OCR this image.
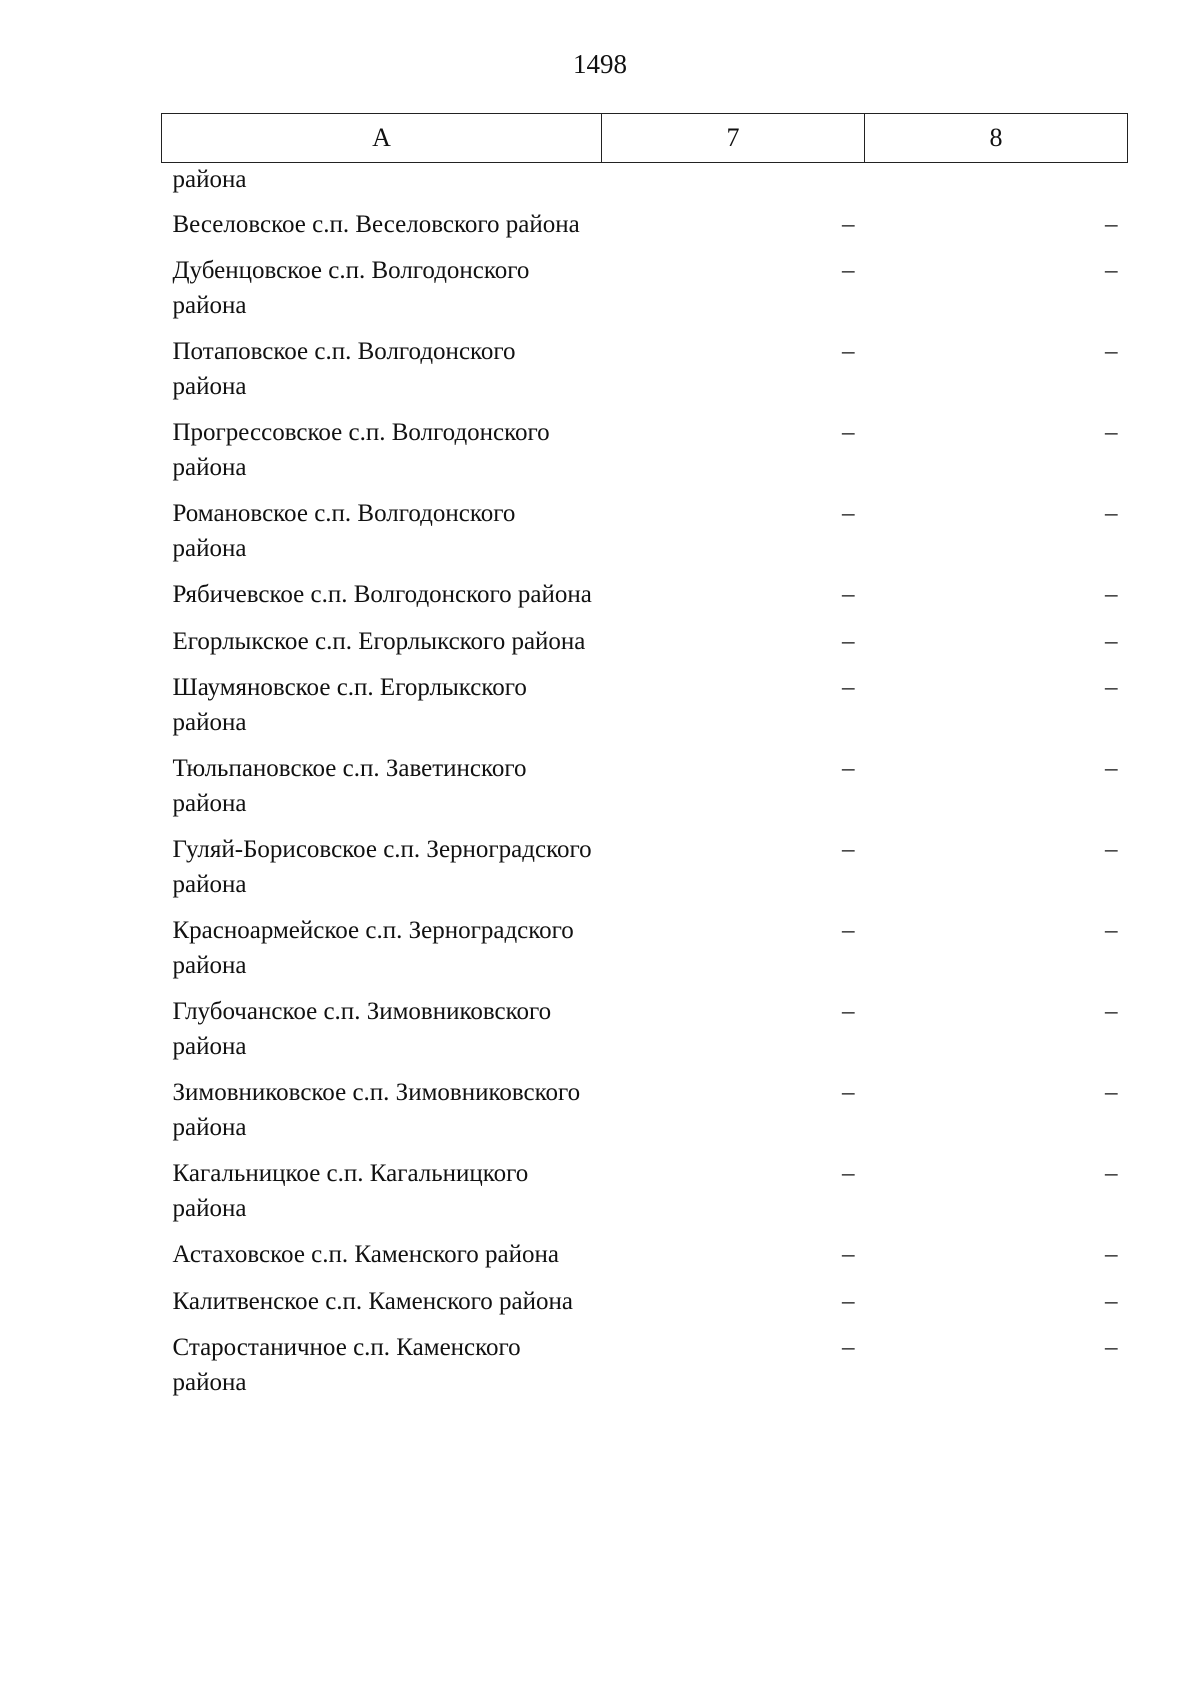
1498
А	7	8
района		
Веселовское с.п. Веселовского района	–	–
Дубенцовское с.п. Волгодонского района	–	–
Потаповское с.п. Волгодонского района	–	–
Прогрессовское с.п. Волгодонского района	–	–
Романовское с.п. Волгодонского района	–	–
Рябичевское с.п. Волгодонского района	–	–
Егорлыкское с.п. Егорлыкского района	–	–
Шаумяновское с.п. Егорлыкского района	–	–
Тюльпановское с.п. Заветинского района	–	–
Гуляй-Борисовское с.п. Зерноградского района	–	–
Красноармейское с.п. Зерноградского района	–	–
Глубочанское с.п. Зимовниковского района	–	–
Зимовниковское с.п. Зимовниковского района	–	–
Кагальницкое с.п. Кагальницкого района	–	–
Астаховское с.п. Каменского района	–	–
Калитвенское с.п. Каменского района	–	–
Старостаничное с.п. Каменского района	–	–
